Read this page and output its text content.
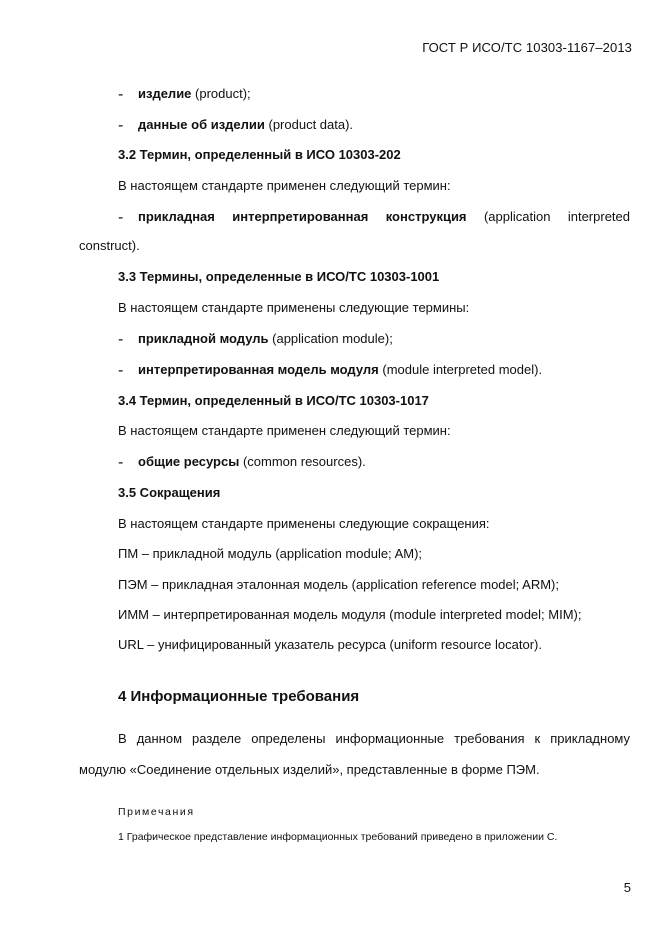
ГОСТ Р ИСО/ТС 10303-1167–2013
- изделие (product);
- данные об изделии (product data).
3.2 Термин, определенный в ИСО 10303-202
В настоящем стандарте применен следующий термин:
- прикладная интерпретированная конструкция (application interpreted
construct).
3.3 Термины, определенные в ИСО/ТС 10303-1001
В настоящем стандарте применены следующие термины:
- прикладной модуль (application module);
- интерпретированная модель модуля (module interpreted model).
3.4 Термин, определенный в ИСО/ТС 10303-1017
В настоящем стандарте применен следующий термин:
- общие ресурсы (common resources).
3.5 Сокращения
В настоящем стандарте применены следующие сокращения:
ПМ – прикладной модуль (application module; AM);
ПЭМ – прикладная эталонная модель (application reference model; ARM);
ИММ – интерпретированная модель модуля (module interpreted model; MIM);
URL – унифицированный указатель ресурса (uniform resource locator).
4 Информационные требования
В данном разделе определены информационные требования к прикладному
модулю «Соединение отдельных изделий», представленные в форме ПЭМ.
Примечания
1 Графическое представление информационных требований приведено в приложении С.
5
